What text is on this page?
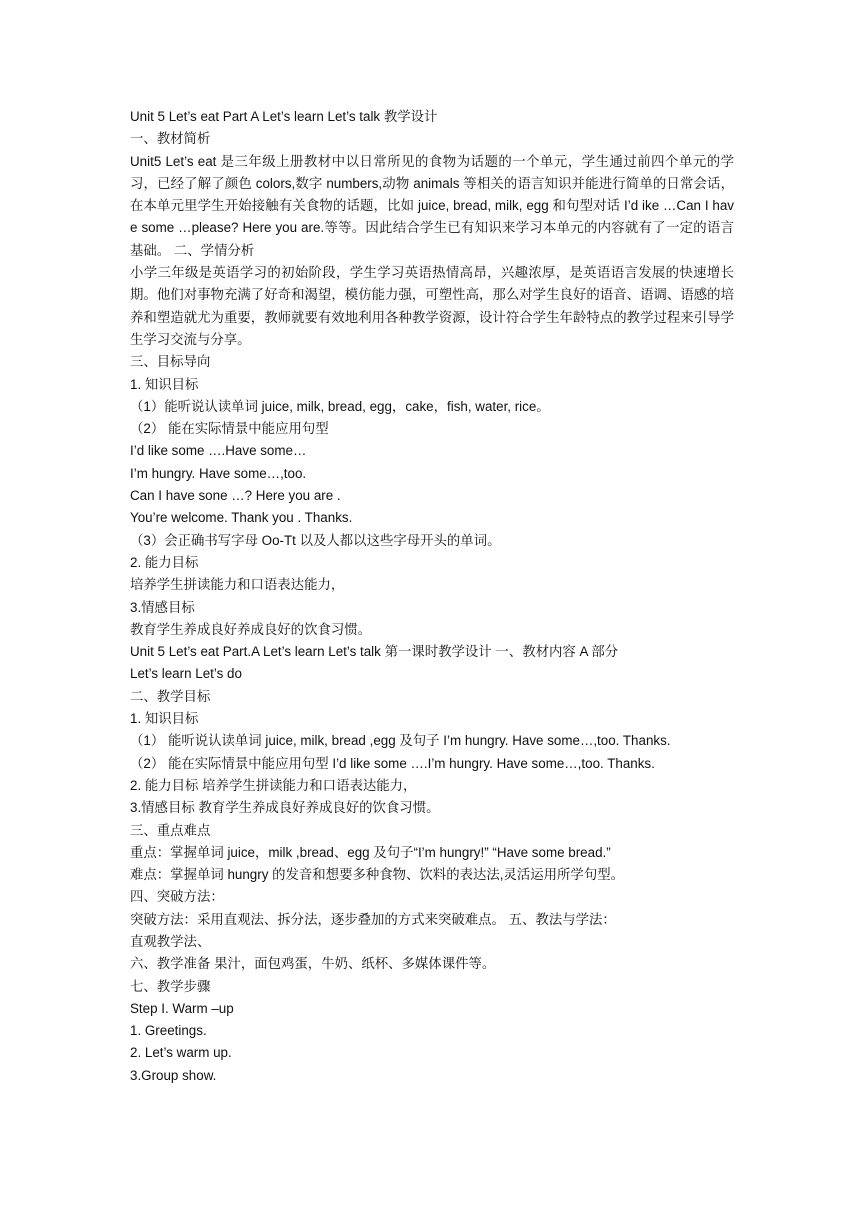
Unit 5 Let’s eat Part A Let’s learn Let’s talk 教学设计
一、教材简析
Unit5 Let’s eat 是三年级上册教材中以日常所见的食物为话题的一个单元，学生通过前四个单元的学习，已经了解了颜色 colors,数字 numbers,动物 animals 等相关的语言知识并能进行简单的日常会话，在本单元里学生开始接触有关食物的话题，比如 juice, bread, milk, egg 和句型对话 I’d ike …Can I have some …please? Here you are.等等。因此结合学生已有知识来学习本单元的内容就有了一定的语言基础。 二、学情分析
小学三年级是英语学习的初始阶段，学生学习英语热情高昂，兴趣浓厚，是英语语言发展的快速增长期。他们对事物充满了好奇和渴望，模仿能力强，可塑性高，那么对学生良好的语音、语调、语感的培养和塑造就尤为重要，教师就要有效地利用各种教学资源，设计符合学生年龄特点的教学过程来引导学生学习交流与分享。
三、目标导向
1. 知识目标
（1）能听说认读单词 juice, milk, bread, egg，cake，fish, water, rice。
（2） 能在实际情景中能应用句型
I’d like some ….Have some…
I’m hungry. Have some…,too.
Can I have sone …? Here you are .
You’re welcome. Thank you . Thanks.
（3）会正确书写字母 Oo-Tt 以及人都以这些字母开头的单词。
2. 能力目标
培养学生拼读能力和口语表达能力，
3.情感目标
教育学生养成良好养成良好的饮食习惯。
Unit 5 Let’s eat Part.A Let’s learn Let’s talk 第一课时教学设计 一、教材内容 A 部分
Let’s learn Let’s do
二、教学目标
1. 知识目标
（1） 能听说认读单词 juice, milk, bread ,egg 及句子 I’m hungry. Have some…,too. Thanks.
（2） 能在实际情景中能应用句型 I’d like some ….I’m hungry. Have some…,too. Thanks.
2. 能力目标 培养学生拼读能力和口语表达能力，
3.情感目标 教育学生养成良好养成良好的饮食习惯。
三、重点难点
重点：掌握单词 juice，milk ,bread、egg 及句子“I’m hungry!” “Have some bread.”
难点：掌握单词 hungry 的发音和想要多种食物、饮料的表达法,灵活运用所学句型。
四、突破方法：
突破方法：采用直观法、拆分法，逐步叠加的方式来突破难点。 五、教法与学法：
直观教学法、
六、教学准备 果汁，面包鸡蛋，牛奶、纸杯、多媒体课件等。
七、教学步骤
Step I. Warm –up
1. Greetings.
2. Let’s warm up.
3.Group show.
